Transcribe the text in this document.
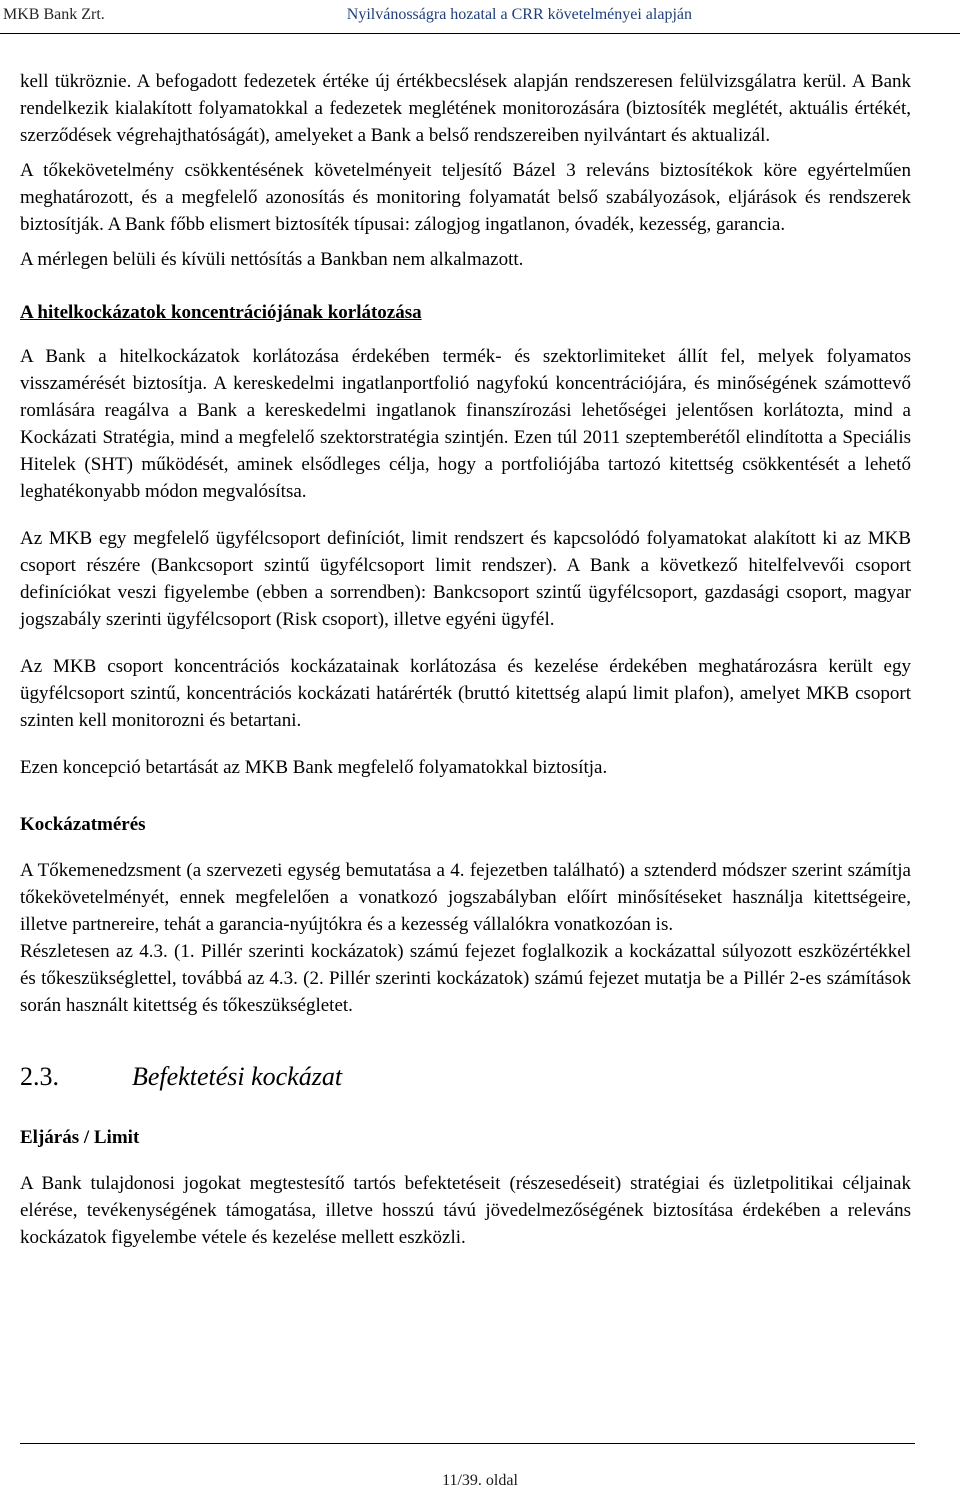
MKB Bank Zrt.	Nyilvánosságra hozatal a CRR követelményei alapján

kell tükröznie. A befogadott fedezetek értéke új értékbecslések alapján rendszeresen felülvizsgálatra kerül. A Bank rendelkezik kialakított folyamatokkal a fedezetek meglétének monitorozására (biztosíték meglétét, aktuális értékét, szerződések végrehajthatóságát), amelyeket a Bank a belső rendszereiben nyilvántart és aktualizál.

A tőkekövetelmény csökkentésének követelményeit teljesítő Bázel 3 releváns biztosítékok köre egyértelműen meghatározott, és a megfelelő azonosítás és monitoring folyamatát belső szabályozások, eljárások és rendszerek biztosítják. A Bank főbb elismert biztosíték típusai: zálogjog ingatlanon, óvadék, kezesség, garancia.

A mérlegen belüli és kívüli nettósítás a Bankban nem alkalmazott.

A hitelkockázatok koncentrációjának korlátozása

A Bank a hitelkockázatok korlátozása érdekében termék- és szektorlimiteket állít fel, melyek folyamatos visszamérését biztosítja. A kereskedelmi ingatlanportfolió nagyfokú koncentrációjára, és minőségének számottevő romlására reagálva a Bank a kereskedelmi ingatlanok finanszírozási lehetőségei jelentősen korlátozta, mind a Kockázati Stratégia, mind a megfelelő szektorstratégia szintjén. Ezen túl 2011 szeptemberétől elindította a Speciális Hitelek (SHT) működését, aminek elsődleges célja, hogy a portfoliójába tartozó kitettség csökkentését a lehető leghatékonyabb módon megvalósítsa.

Az MKB egy megfelelő ügyfélcsoport definíciót, limit rendszert és kapcsolódó folyamatokat alakított ki az MKB csoport részére (Bankcsoport szintű ügyfélcsoport limit rendszer). A Bank a következő hitelfelvevői csoport definíciókat veszi figyelembe (ebben a sorrendben): Bankcsoport szintű ügyfélcsoport, gazdasági csoport, magyar jogszabály szerinti ügyfélcsoport (Risk csoport), illetve egyéni ügyfél.

Az MKB csoport koncentrációs kockázatainak korlátozása és kezelése érdekében meghatározásra került egy ügyfélcsoport szintű, koncentrációs kockázati határérték (bruttó kitettség alapú limit plafon), amelyet MKB csoport szinten kell monitorozni és betartani.

Ezen koncepció betartását az MKB Bank megfelelő folyamatokkal biztosítja.

Kockázatmérés

A Tőkemenedzsment (a szervezeti egység bemutatása a 4. fejezetben található) a sztenderd módszer szerint számítja tőkekövetelményét, ennek megfelelően a vonatkozó jogszabályban előírt minősítéseket használja kitettségeire, illetve partnereire, tehát a garancia-nyújtókra és a kezesség vállalókra vonatkozóan is.

Részletesen az 4.3. (1. Pillér szerinti kockázatok) számú fejezet foglalkozik a kockázattal súlyozott eszközértékkel és tőkeszükséglettel, továbbá az 4.3. (2. Pillér szerinti kockázatok) számú fejezet mutatja be a Pillér 2-es számítások során használt kitettség és tőkeszükségletet.

2.3.	Befektetési kockázat
Eljárás / Limit

A Bank tulajdonosi jogokat megtestesítő tartós befektetéseit (részesedéseit) stratégiai és üzletpolitikai céljainak elérése, tevékenységének támogatása, illetve hosszú távú jövedelmezőségének biztosítása érdekében a releváns kockázatok figyelembe vétele és kezelése mellett eszközli.

11/39. oldal
